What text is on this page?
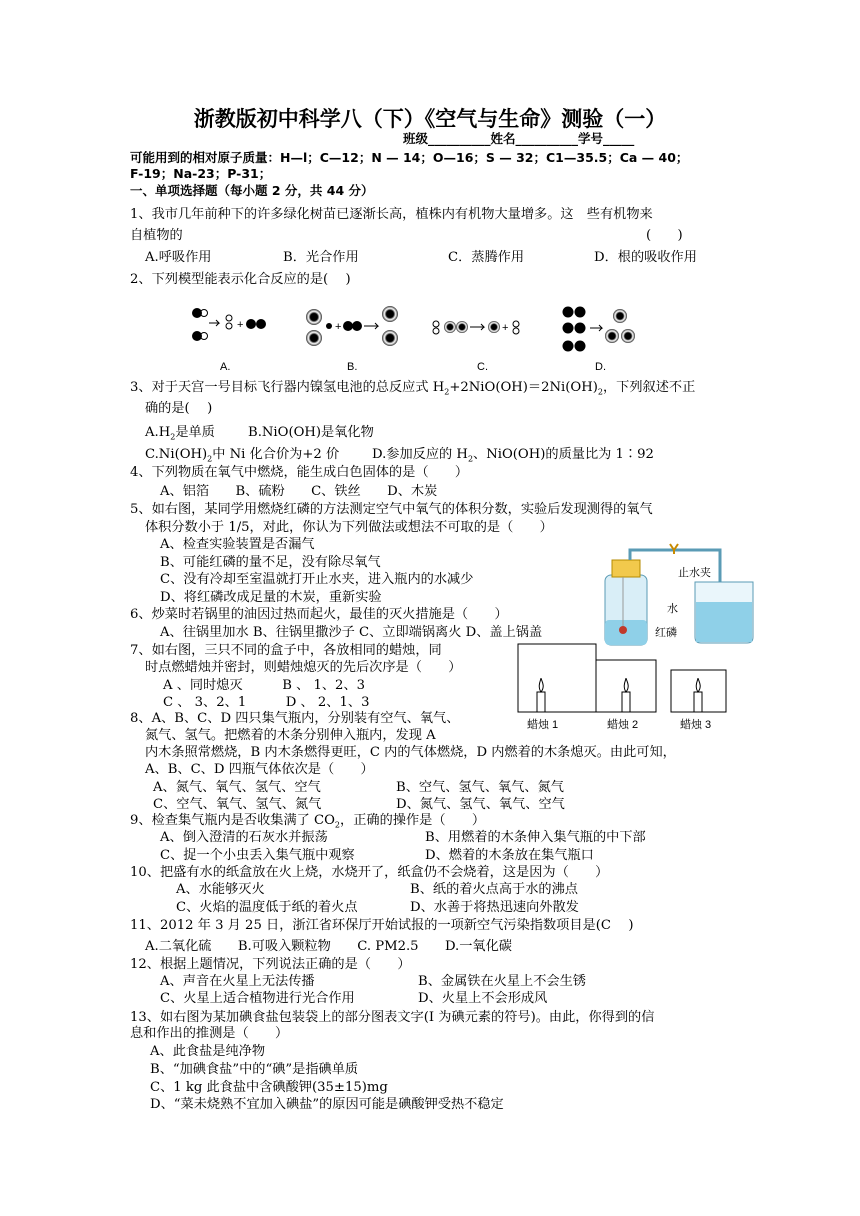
浙教版初中科学八（下）《空气与生命》测验（一）
班级__________姓名__________学号_____
可能用到的相对原子质量：H—l；C—12；N — 14；O—16；S — 32；C1—35.5；Ca — 40；
F-19；Na-23；P-31；
一、单项选择题（每小题 2 分，共 44 分）
1、我市几年前种下的许多绿化树苗已逐渐长高，植株内有机物大量增多。这　些有机物来
自植物的	(　　)
A.呼吸作用	B．光合作用	C．蒸腾作用	D．根的吸收作用
2、下列模型能表示化合反应的是(　 )
+	+	+
A.	B.	C.	D.
3、对于天宫一号目标飞行器内镍氢电池的总反应式 $H_2+2NiO(OH)=2Ni(OH)_2$，下列叙述不正
确的是(　 )
$A.H_2$是单质	B.NiO(OH)是氧化物
$C.Ni(OH)_2$中 Ni 化合价为+2 价 D.参加反应的 $H_2$、NiO(OH)的质量比为 1∶92
4、下列物质在氧气中燃烧，能生成白色固体的是（　　）
A、铝箔　　B、硫粉　　C、铁丝　　D、木炭
5、如右图，某同学用燃烧红磷的方法测定空气中氧气的体积分数，实验后发现测得的氧气
体积分数小于 1/5，对此，你认为下列做法或想法不可取的是（　　）
A、检查实验装置是否漏气
B、可能红磷的量不足，没有除尽氧气
C、没有冷却至室温就打开止水夹，进入瓶内的水减少
D、将红磷改成足量的木炭，重新实验
止水夹
水
红磷
6、炒菜时若锅里的油因过热而起火，最佳的灭火措施是（　　）
A、往锅里加水 B、往锅里撒沙子 C、立即端锅离火 D、盖上锅盖
7、如右图，三只不同的盒子中，各放相同的蜡烛，同
时点燃蜡烛并密封，则蜡烛熄灭的先后次序是（　　）
A 、同时熄灭　　　B 、 1、2、3
C 、 3、2、1　　　D 、 2、1、3
蜡烛 1	蜡烛 2	蜡烛 3
8、A、B、C、D 四只集气瓶内，分别装有空气、氧气、
氮气、氢气。把燃着的木条分别伸入瓶内，发现 A
内木条照常燃烧，B 内木条燃得更旺，C 内的气体燃烧，D 内燃着的木条熄灭。由此可知，
A、B、C、D 四瓶气体依次是（　　）
A、氮气、氧气、氢气、空气	B、空气、氢气、氧气、氮气
C、空气、氧气、氢气、氮气	D、氮气、氢气、氧气、空气
9、检查集气瓶内是否收集满了 $CO_2$，正确的操作是（　　）
A、倒入澄清的石灰水并振荡	B、用燃着的木条伸入集气瓶的中下部
C、捉一个小虫丢入集气瓶中观察	D、燃着的木条放在集气瓶口
10、把盛有水的纸盒放在火上烧，水烧开了，纸盒仍不会烧着，这是因为（　　）
A、水能够灭火	B、纸的着火点高于水的沸点
C、火焰的温度低于纸的着火点	D、水善于将热迅速向外散发
11、2012 年 3 月 25 日，浙江省环保厅开始试报的一项新空气污染指数项目是(C　 )
A.二氧化硫　　B.可吸入颗粒物　　C. PM2.5　　D.一氧化碳
12、根据上题情况，下列说法正确的是（　　）
A、声音在火星上无法传播	B、金属铁在火星上不会生锈
C、火星上适合植物进行光合作用	D、火星上不会形成风
13、如右图为某加碘食盐包装袋上的部分图表文字(I 为碘元素的符号)。由此，你得到的信
息和作出的推测是（　　）
A、此食盐是纯净物
B、“加碘食盐”中的“碘”是指碘单质
C、1 kg 此食盐中含碘酸钾(35±15)mg
D、“菜未烧熟不宜加入碘盐”的原因可能是碘酸钾受热不稳定
